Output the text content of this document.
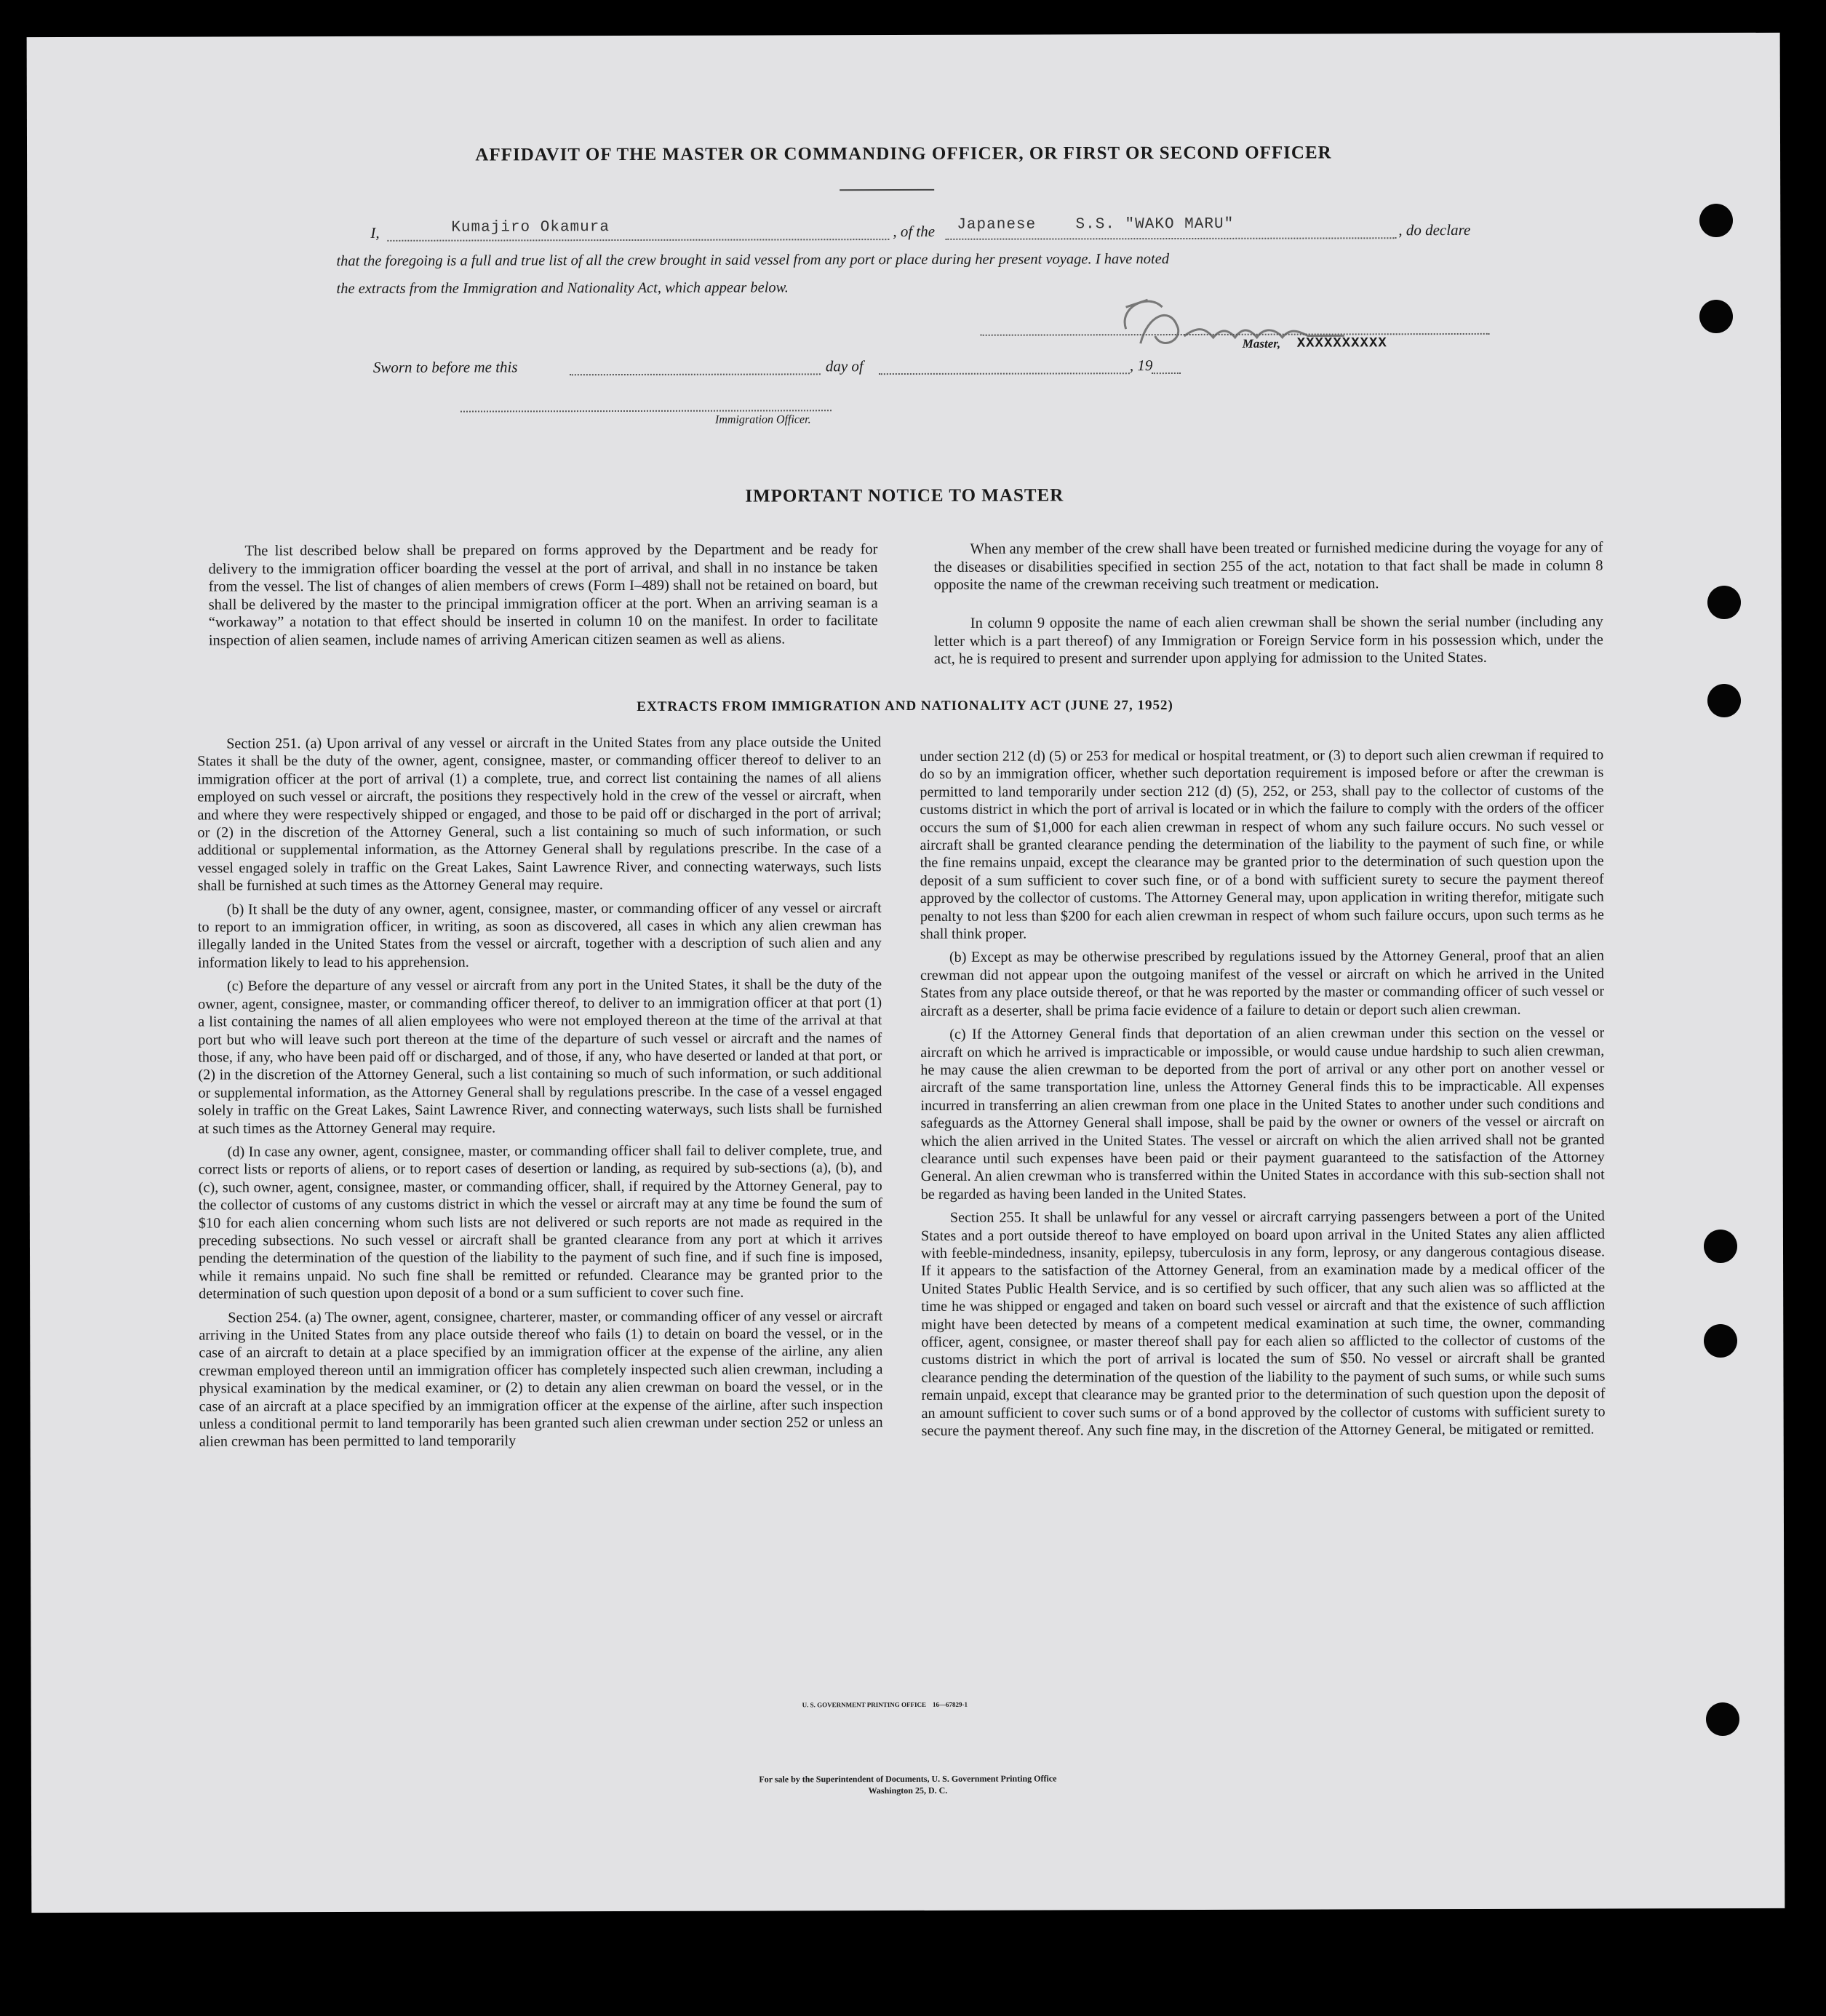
AFFIDAVIT OF THE MASTER OR COMMANDING OFFICER, OR FIRST OR SECOND OFFICER
I,	Kumajiro Okamura	, of the Japanese    S.S. "WAKO MARU"	, do declare
that the foregoing is a full and true list of all the crew brought in said vessel from any port or place during her present voyage. I have noted
the extracts from the Immigration and Nationality Act, which appear below.
Master, XXXXXXXXXX
Sworn to before me this	day of	, 19
Immigration Officer.
IMPORTANT NOTICE TO MASTER
The list described below shall be prepared on forms approved by the Department and be ready for delivery to the immigration officer boarding the vessel at the port of arrival, and shall in no instance be taken from the vessel. The list of changes of alien members of crews (Form I–489) shall not be retained on board, but shall be delivered by the master to the principal immigration officer at the port. When an arriving seaman is a “workaway” a notation to that effect should be inserted in column 10 on the manifest. In order to facilitate inspection of alien seamen, include names of arriving American citizen seamen as well as aliens.
When any member of the crew shall have been treated or furnished medicine during the voyage for any of the diseases or disabilities specified in section 255 of the act, notation to that fact shall be made in column 8 opposite the name of the crewman receiving such treatment or medication.
In column 9 opposite the name of each alien crewman shall be shown the serial number (including any letter which is a part thereof) of any Immigration or Foreign Service form in his possession which, under the act, he is required to present and surrender upon applying for admission to the United States.
EXTRACTS FROM IMMIGRATION AND NATIONALITY ACT (JUNE 27, 1952)

Section 251. (a) Upon arrival of any vessel or aircraft in the United States from any place outside the United States it shall be the duty of the owner, agent, consignee, master, or commanding officer thereof to deliver to an immigration officer at the port of arrival (1) a complete, true, and correct list containing the names of all aliens employed on such vessel or aircraft, the positions they respectively hold in the crew of the vessel or aircraft, when and where they were respectively shipped or engaged, and those to be paid off or discharged in the port of arrival; or (2) in the discretion of the Attorney General, such a list containing so much of such information, or such additional or supplemental information, as the Attorney General shall by regulations prescribe. In the case of a vessel engaged solely in traffic on the Great Lakes, Saint Lawrence River, and connecting waterways, such lists shall be furnished at such times as the Attorney General may require.

(b) It shall be the duty of any owner, agent, consignee, master, or commanding officer of any vessel or aircraft to report to an immigration officer, in writing, as soon as discovered, all cases in which any alien crewman has illegally landed in the United States from the vessel or aircraft, together with a description of such alien and any information likely to lead to his apprehension.

(c) Before the departure of any vessel or aircraft from any port in the United States, it shall be the duty of the owner, agent, consignee, master, or commanding officer thereof, to deliver to an immigration officer at that port (1) a list containing the names of all alien employees who were not employed thereon at the time of the arrival at that port but who will leave such port thereon at the time of the departure of such vessel or aircraft and the names of those, if any, who have been paid off or discharged, and of those, if any, who have deserted or landed at that port, or (2) in the discretion of the Attorney General, such a list containing so much of such information, or such additional or supplemental information, as the Attorney General shall by regulations prescribe. In the case of a vessel engaged solely in traffic on the Great Lakes, Saint Lawrence River, and connecting waterways, such lists shall be furnished at such times as the Attorney General may require.

(d) In case any owner, agent, consignee, master, or commanding officer shall fail to deliver complete, true, and correct lists or reports of aliens, or to report cases of desertion or landing, as required by sub-sections (a), (b), and (c), such owner, agent, consignee, master, or commanding officer, shall, if required by the Attorney General, pay to the collector of customs of any customs district in which the vessel or aircraft may at any time be found the sum of $10 for each alien concerning whom such lists are not delivered or such reports are not made as required in the preceding subsections. No such vessel or aircraft shall be granted clearance from any port at which it arrives pending the determination of the question of the liability to the payment of such fine, and if such fine is imposed, while it remains unpaid. No such fine shall be remitted or refunded. Clearance may be granted prior to the determination of such question upon deposit of a bond or a sum sufficient to cover such fine.

Section 254. (a) The owner, agent, consignee, charterer, master, or commanding officer of any vessel or aircraft arriving in the United States from any place outside thereof who fails (1) to detain on board the vessel, or in the case of an aircraft to detain at a place specified by an immigration officer at the expense of the airline, any alien crewman employed thereon until an immigration officer has completely inspected such alien crewman, including a physical examination by the medical examiner, or (2) to detain any alien crewman on board the vessel, or in the case of an aircraft at a place specified by an immigration officer at the expense of the airline, after such inspection unless a conditional permit to land temporarily has been granted such alien crewman under section 252 or unless an alien crewman has been permitted to land temporarily

under section 212 (d) (5) or 253 for medical or hospital treatment, or (3) to deport such alien crewman if required to do so by an immigration officer, whether such deportation requirement is imposed before or after the crewman is permitted to land temporarily under section 212 (d) (5), 252, or 253, shall pay to the collector of customs of the customs district in which the port of arrival is located or in which the failure to comply with the orders of the officer occurs the sum of $1,000 for each alien crewman in respect of whom any such failure occurs. No such vessel or aircraft shall be granted clearance pending the determination of the liability to the payment of such fine, or while the fine remains unpaid, except the clearance may be granted prior to the determination of such question upon the deposit of a sum sufficient to cover such fine, or of a bond with sufficient surety to secure the payment thereof approved by the collector of customs. The Attorney General may, upon application in writing therefor, mitigate such penalty to not less than $200 for each alien crewman in respect of whom such failure occurs, upon such terms as he shall think proper.

(b) Except as may be otherwise prescribed by regulations issued by the Attorney General, proof that an alien crewman did not appear upon the outgoing manifest of the vessel or aircraft on which he arrived in the United States from any place outside thereof, or that he was reported by the master or commanding officer of such vessel or aircraft as a deserter, shall be prima facie evidence of a failure to detain or deport such alien crewman.

(c) If the Attorney General finds that deportation of an alien crewman under this section on the vessel or aircraft on which he arrived is impracticable or impossible, or would cause undue hardship to such alien crewman, he may cause the alien crewman to be deported from the port of arrival or any other port on another vessel or aircraft of the same transportation line, unless the Attorney General finds this to be impracticable. All expenses incurred in transferring an alien crewman from one place in the United States to another under such conditions and safeguards as the Attorney General shall impose, shall be paid by the owner or owners of the vessel or aircraft on which the alien arrived in the United States. The vessel or aircraft on which the alien arrived shall not be granted clearance until such expenses have been paid or their payment guaranteed to the satisfaction of the Attorney General. An alien crewman who is transferred within the United States in accordance with this sub-section shall not be regarded as having been landed in the United States.

Section 255. It shall be unlawful for any vessel or aircraft carrying passengers between a port of the United States and a port outside thereof to have employed on board upon arrival in the United States any alien afflicted with feeble-mindedness, insanity, epilepsy, tuberculosis in any form, leprosy, or any dangerous contagious disease. If it appears to the satisfaction of the Attorney General, from an examination made by a medical officer of the United States Public Health Service, and is so certified by such officer, that any such alien was so afflicted at the time he was shipped or engaged and taken on board such vessel or aircraft and that the existence of such affliction might have been detected by means of a competent medical examination at such time, the owner, commanding officer, agent, consignee, or master thereof shall pay for each alien so afflicted to the collector of customs of the customs district in which the port of arrival is located the sum of $50. No vessel or aircraft shall be granted clearance pending the determination of the question of the liability to the payment of such sums, or while such sums remain unpaid, except that clearance may be granted prior to the determination of such question upon the deposit of an amount sufficient to cover such sums or of a bond approved by the collector of customs with sufficient surety to secure the payment thereof. Any such fine may, in the discretion of the Attorney General, be mitigated or remitted.

U. S. GOVERNMENT PRINTING OFFICE    16—67829-1
For sale by the Superintendent of Documents, U. S. Government Printing Office
Washington 25, D. C.
